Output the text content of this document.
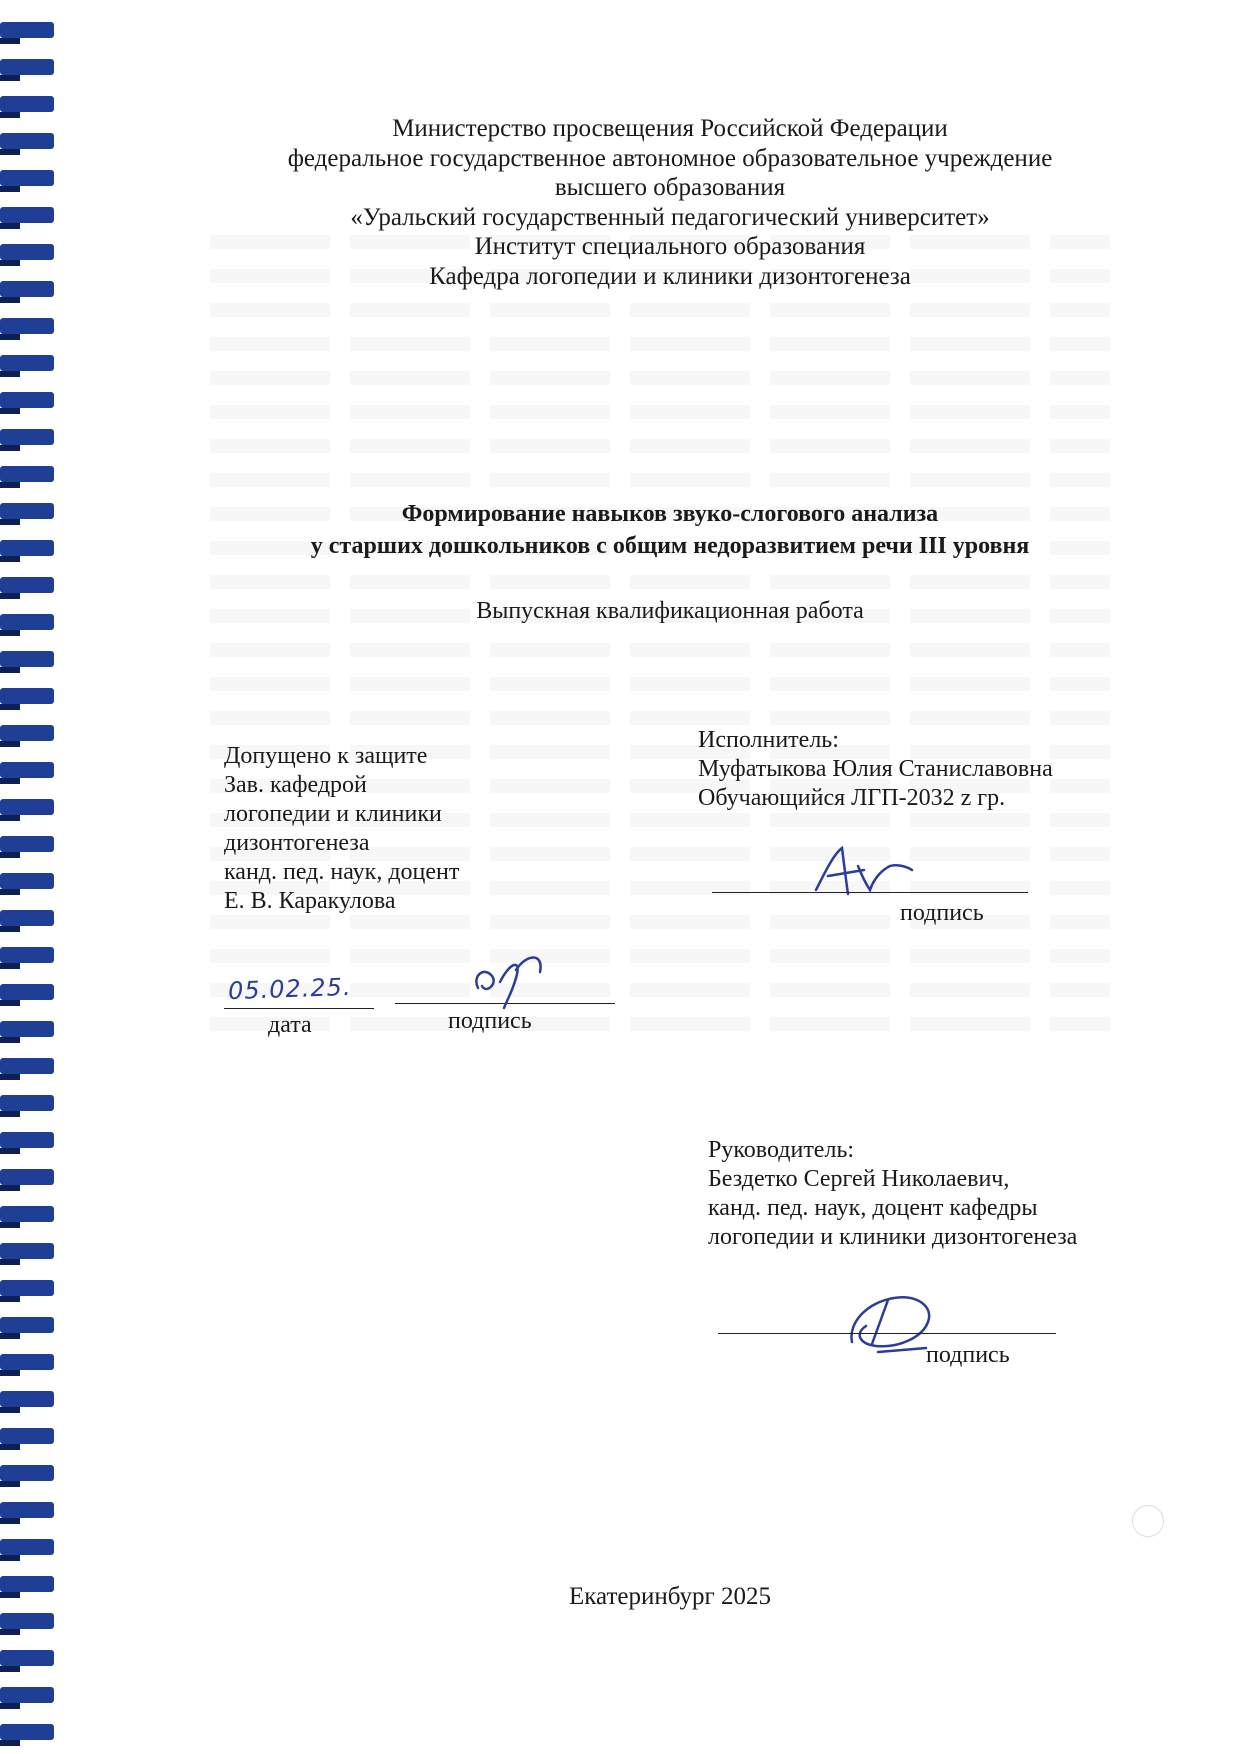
Министерство просвещения Российской Федерации
федеральное государственное автономное образовательное учреждение
высшего образования
«Уральский государственный педагогический университет»
Институт специального образования
Кафедра логопедии и клиники дизонтогенеза
Формирование навыков звуко-слогового анализа
у старших дошкольников с общим недоразвитием речи III уровня
Выпускная квалификационная работа
Допущено к защите
Зав. кафедрой
логопедии и клиники
дизонтогенеза
канд. пед. наук, доцент
Е. В. Каракулова
05.02.25.
дата	подпись
Исполнитель:
Муфатыкова Юлия Станиславовна
Обучающийся ЛГП-2032 z гр.
подпись
Руководитель:
Бездетко Сергей Николаевич,
канд. пед. наук, доцент кафедры
логопедии и клиники дизонтогенеза
подпись
Екатеринбург 2025
